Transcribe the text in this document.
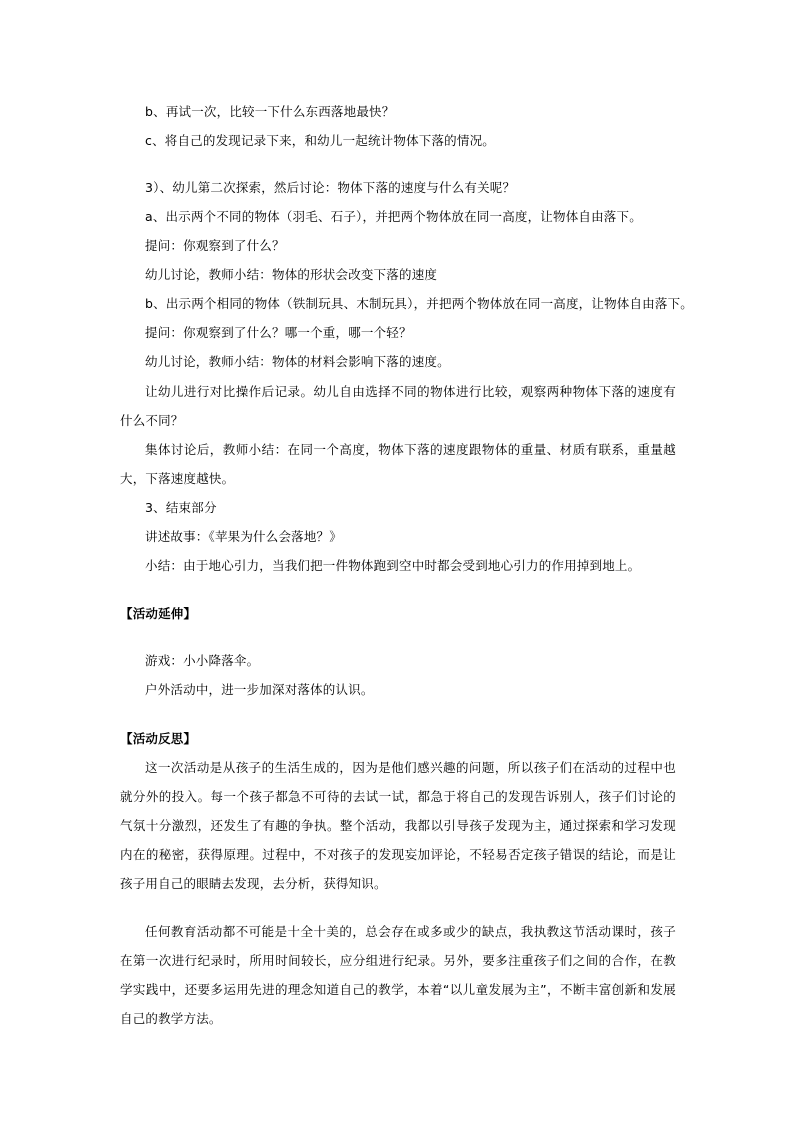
b、再试一次，比较一下什么东西落地最快？
c、将自己的发现记录下来，和幼儿一起统计物体下落的情况。
3）、幼儿第二次探索，然后讨论：物体下落的速度与什么有关呢？
a、出示两个不同的物体（羽毛、石子），并把两个物体放在同一高度，让物体自由落下。
提问：你观察到了什么？
幼儿讨论，教师小结：物体的形状会改变下落的速度
b、出示两个相同的物体（铁制玩具、木制玩具），并把两个物体放在同一高度，让物体自由落下。
提问：你观察到了什么？哪一个重，哪一个轻？
幼儿讨论，教师小结：物体的材料会影响下落的速度。
让幼儿进行对比操作后记录。幼儿自由选择不同的物体进行比较，观察两种物体下落的速度有什么不同？
集体讨论后，教师小结：在同一个高度，物体下落的速度跟物体的重量、材质有联系，重量越大，下落速度越快。
3、结束部分
讲述故事：《苹果为什么会落地？》
小结：由于地心引力，当我们把一件物体跑到空中时都会受到地心引力的作用掉到地上。
【活动延伸】
游戏：小小降落伞。
户外活动中，进一步加深对落体的认识。
【活动反思】
这一次活动是从孩子的生活生成的，因为是他们感兴趣的问题，所以孩子们在活动的过程中也就分外的投入。每一个孩子都急不可待的去试一试，都急于将自己的发现告诉别人，孩子们讨论的气氛十分激烈，还发生了有趣的争执。整个活动，我都以引导孩子发现为主，通过探索和学习发现内在的秘密，获得原理。过程中，不对孩子的发现妄加评论，不轻易否定孩子错误的结论，而是让孩子用自己的眼睛去发现，去分析，获得知识。
任何教育活动都不可能是十全十美的，总会存在或多或少的缺点，我执教这节活动课时，孩子在第一次进行纪录时，所用时间较长，应分组进行纪录。另外，要多注重孩子们之间的合作，在教学实践中，还要多运用先进的理念知道自己的教学，本着“以儿童发展为主”，不断丰富创新和发展自己的教学方法。
